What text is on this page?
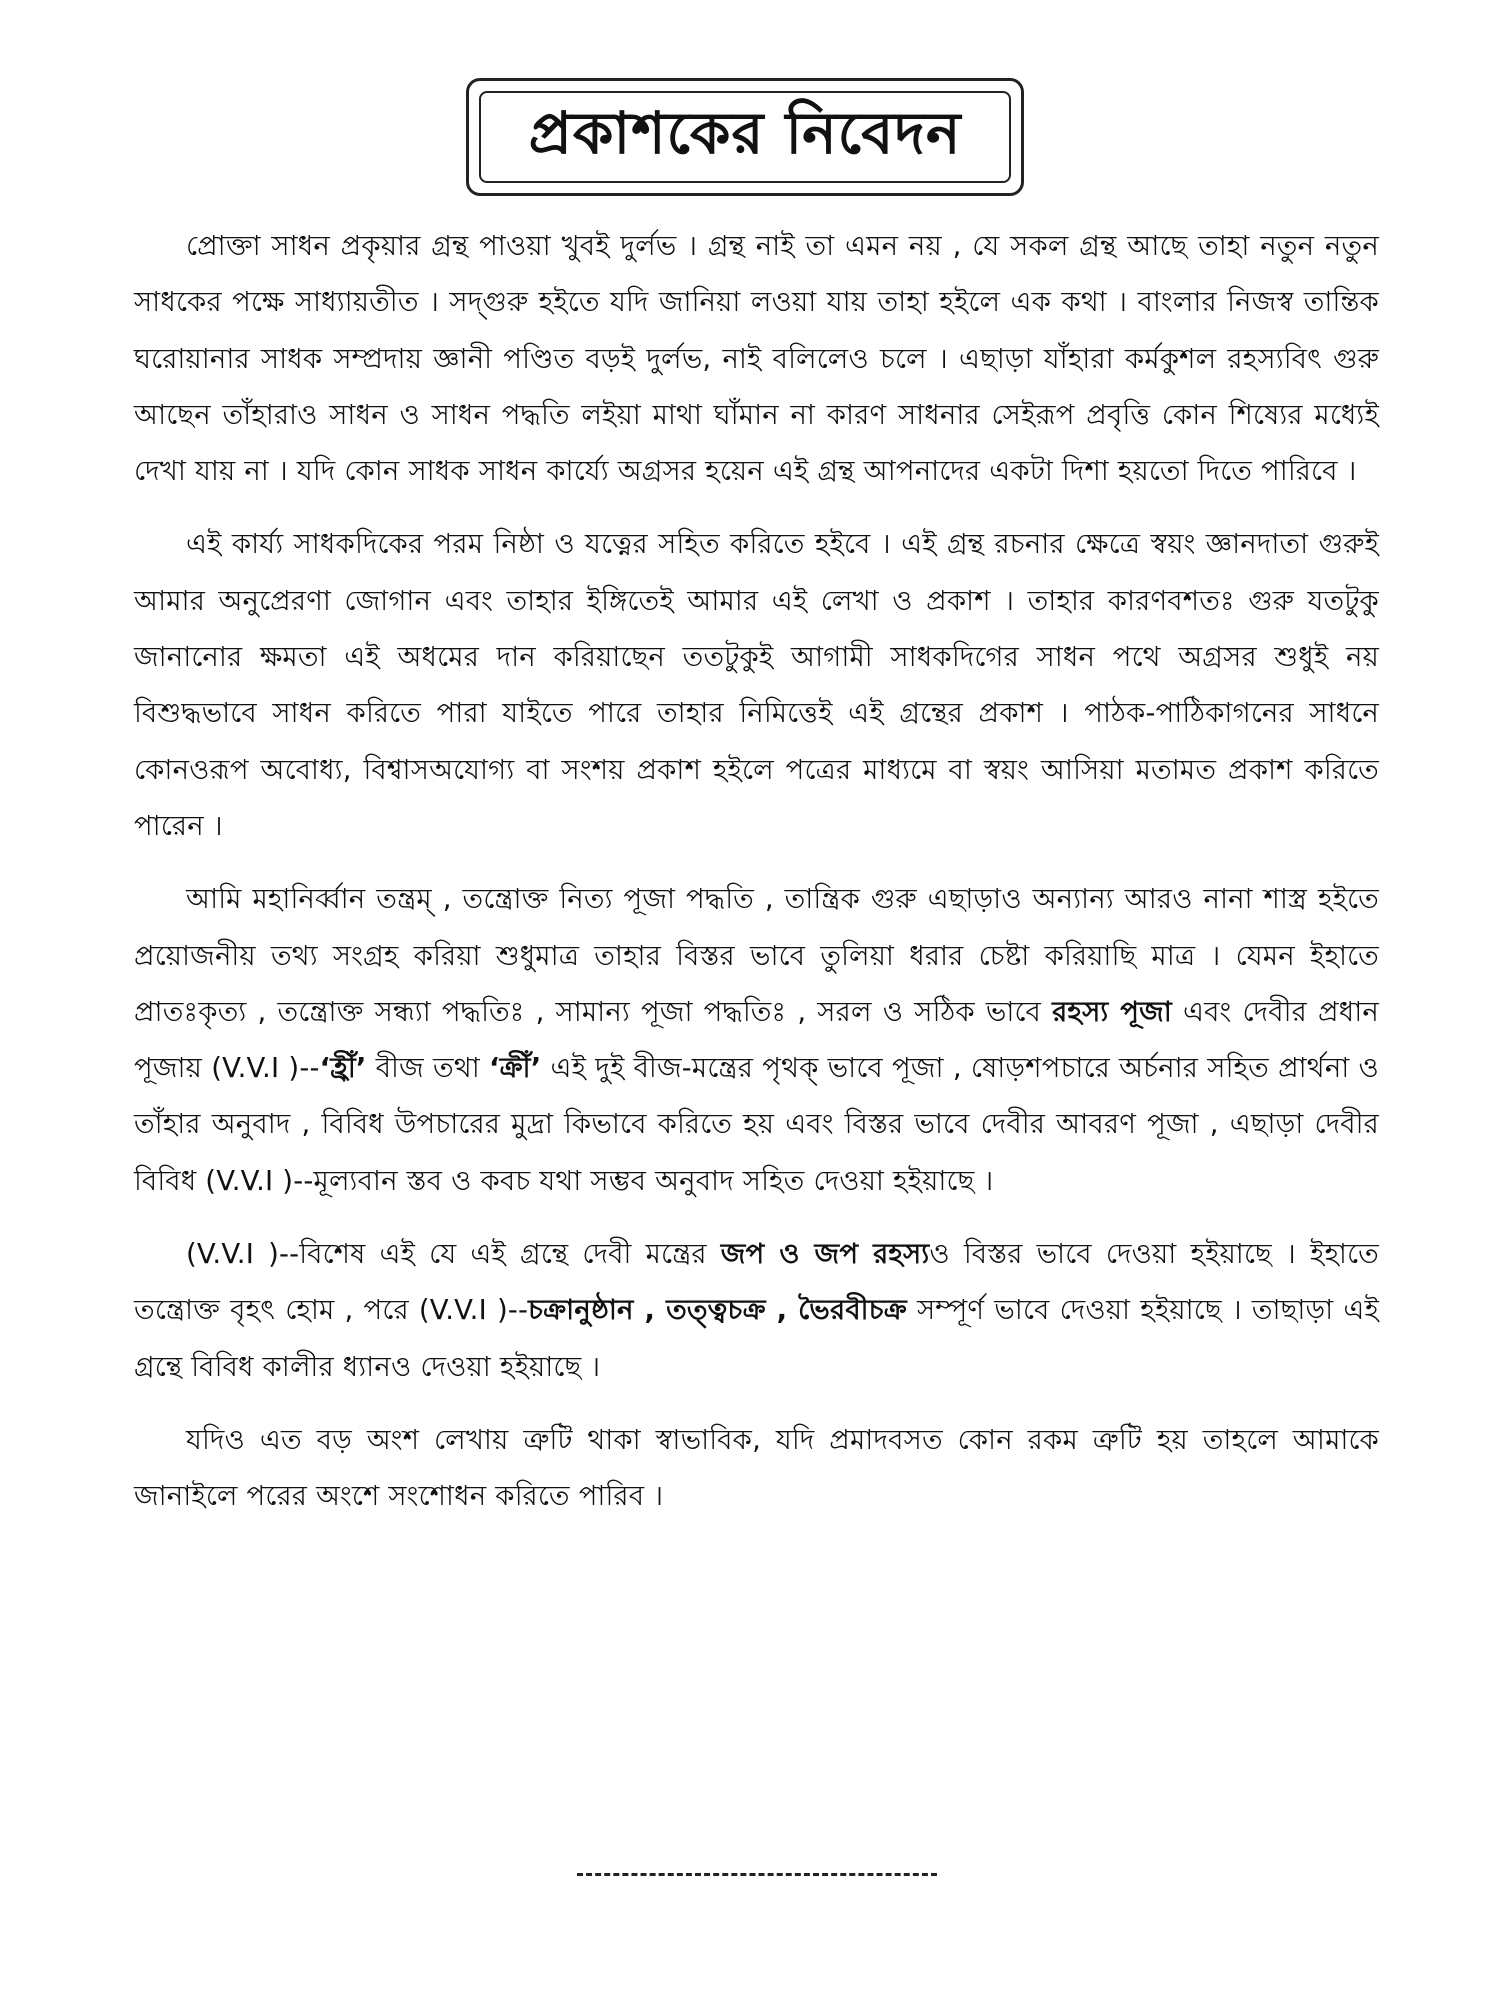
প্রকাশকের নিবেদন

প্রোক্তা সাধন প্রকৃয়ার গ্রন্থ পাওয়া খুবই দুর্লভ । গ্রন্থ নাই তা এমন নয় , যে সকল গ্রন্থ আছে তাহা নতুন নতুন সাধকের পক্ষে সাধ্যায়তীত । সদ্‌গুরু হইতে যদি জানিয়া লওয়া যায় তাহা হইলে এক কথা । বাংলার নিজস্ব তান্তিক ঘরোয়ানার সাধক সম্প্রদায় জ্ঞানী পণ্ডিত বড়ই দুর্লভ, নাই বলিলেও চলে । এছাড়া যাঁহারা কর্মকুশল রহস্যবিৎ গুরু আছেন তাঁহারাও সাধন ও সাধন পদ্ধতি লইয়া মাথা ঘাঁমান না কারণ সাধনার সেইরূপ প্রবৃত্তি কোন শিষ্যের মধ্যেই দেখা যায় না । যদি কোন সাধক সাধন কার্য্যে অগ্রসর হয়েন এই গ্রন্থ আপনাদের একটা দিশা হয়তো দিতে পারিবে ।

এই কার্য্য সাধকদিকের পরম নিষ্ঠা ও যত্নের সহিত করিতে হইবে । এই গ্রন্থ রচনার ক্ষেত্রে স্বয়ং জ্ঞানদাতা গুরুই আমার অনুপ্রেরণা জোগান এবং তাহার ইঙ্গিতেই আমার এই লেখা ও প্রকাশ । তাহার কারণবশতঃ গুরু যতটুকু জানানোর ক্ষমতা এই অধমের দান করিয়াছেন ততটুকুই আগামী সাধকদিগের সাধন পথে অগ্রসর শুধুই নয় বিশুদ্ধভাবে সাধন করিতে পারা যাইতে পারে তাহার নিমিত্তেই এই গ্রন্থের প্রকাশ । পাঠক-পাঠিকাগনের সাধনে কোনওরূপ অবোধ্য, বিশ্বাসঅযোগ্য বা সংশয় প্রকাশ হইলে পত্রের মাধ্যমে বা স্বয়ং আসিয়া মতামত প্রকাশ করিতে পারেন ।

আমি মহানির্ব্বান তন্ত্রম্ , তন্ত্রোক্ত নিত্য পূজা পদ্ধতি , তান্ত্রিক গুরু এছাড়াও অন্যান্য আরও নানা শাস্ত্র হইতে প্রয়োজনীয় তথ্য সংগ্রহ করিয়া শুধুমাত্র তাহার বিস্তর ভাবে তুলিয়া ধরার চেষ্টা করিয়াছি মাত্র । যেমন ইহাতে প্রাতঃকৃত্য , তন্ত্রোক্ত সন্ধ্যা পদ্ধতিঃ , সামান্য পূজা পদ্ধতিঃ , সরল ও সঠিক ভাবে রহস্য পূজা এবং দেবীর প্রধান পূজায় (V.V.I )--‘হ্রীঁ’ বীজ তথা ‘ক্রীঁ’ এই দুই বীজ-মন্ত্রের পৃথক্ ভাবে পূজা , ষোড়শপচারে অর্চনার সহিত প্রার্থনা ও তাঁহার অনুবাদ , বিবিধ উপচারের মুদ্রা কিভাবে করিতে হয় এবং বিস্তর ভাবে দেবীর আবরণ পূজা , এছাড়া দেবীর বিবিধ (V.V.I )--মূল্যবান স্তব ও কবচ যথা সম্ভব অনুবাদ সহিত দেওয়া হইয়াছে ।

(V.V.I )--বিশেষ এই যে এই গ্রন্থে দেবী মন্ত্রের জপ ও জপ রহস্যও বিস্তর ভাবে দেওয়া হইয়াছে । ইহাতে তন্ত্রোক্ত বৃহৎ হোম , পরে (V.V.I )--চক্রানুষ্ঠান , তত্ত্বচক্র , ভৈরবীচক্র সম্পূর্ণ ভাবে দেওয়া হইয়াছে । তাছাড়া এই গ্রন্থে বিবিধ কালীর ধ্যানও দেওয়া হইয়াছে ।

যদিও এত বড় অংশ লেখায় ত্রুটি থাকা স্বাভাবিক, যদি প্রমাদবসত কোন রকম ত্রুটি হয় তাহলে আমাকে জানাইলে পরের অংশে সংশোধন করিতে পারিব ।
